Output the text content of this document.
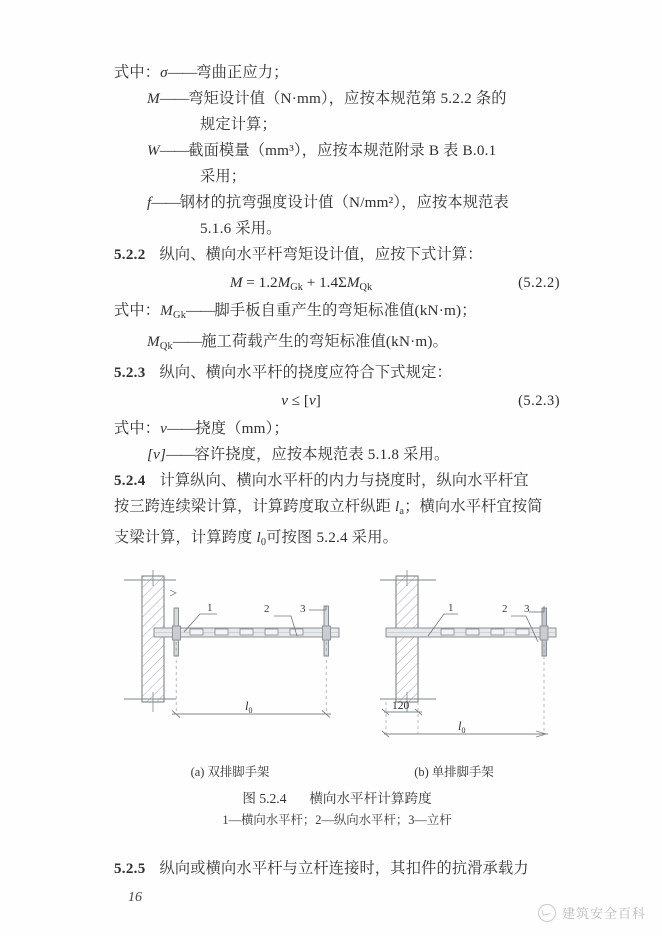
式中：σ——弯曲正应力；
M——弯矩设计值（N·mm），应按本规范第 5.2.2 条的
规定计算；
W——截面模量（mm³），应按本规范附录 B 表 B.0.1
采用；
f——钢材的抗弯强度设计值（N/mm²），应按本规范表
5.1.6 采用。
5.2.2 纵向、横向水平杆弯矩设计值，应按下式计算：
$M = 1.2M_{Gk} + 1.4\Sigma M_{Qk}$	(5.2.2)
式中：$M_{Gk}——$脚手板自重产生的弯矩标准值(kN·m)；
$M_{Qk}——$施工荷载产生的弯矩标准值(kN·m)。
5.2.3 纵向、横向水平杆的挠度应符合下式规定：
v ≤ [v]	(5.2.3)
式中：v——挠度（mm）；
[v]——容许挠度，应按本规范表 5.1.8 采用。
5.2.4 计算纵向、横向水平杆的内力与挠度时，纵向水平杆宜
按三跨连续梁计算，计算跨度取立杆纵距 $l_a$；横向水平杆宜按简
支梁计算，计算跨度 $l_0$可按图 5.2.4 采用。
1	2	3
$l_0$
1	2 3
120
$l_0$
(a) 双排脚手架	(b) 单排脚手架
图 5.2.4 横向水平杆计算跨度
1—横向水平杆；2—纵向水平杆；3—立杆
5.2.5 纵向或横向水平杆与立杆连接时，其扣件的抗滑承载力
16
建筑安全百科
